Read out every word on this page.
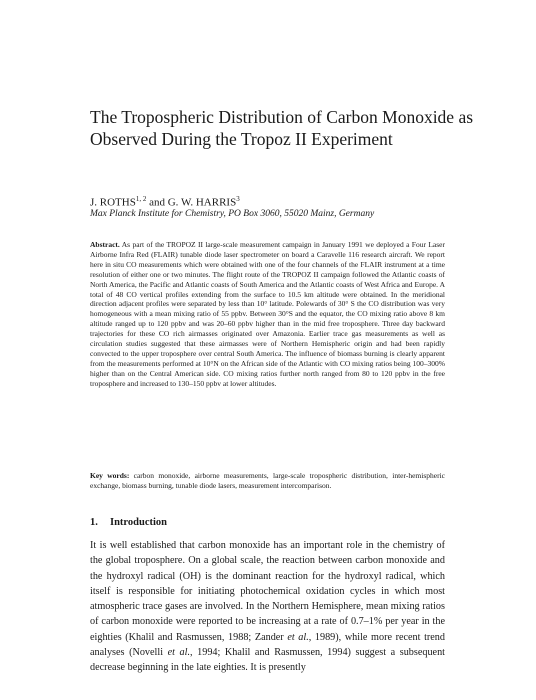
The Tropospheric Distribution of Carbon Monoxide as Observed During the Tropoz II Experiment
J. ROTHS$^{1, 2}$ and G. W. HARRIS$^3$
Max Planck Institute for Chemistry, PO Box 3060, 55020 Mainz, Germany

Abstract. As part of the TROPOZ II large-scale measurement campaign in January 1991 we deployed a Four Laser Airborne Infra Red (FLAIR) tunable diode laser spectrometer on board a Caravelle 116 research aircraft. We report here in situ CO measurements which were obtained with one of the four channels of the FLAIR instrument at a time resolution of either one or two minutes. The flight route of the TROPOZ II campaign followed the Atlantic coasts of North America, the Pacific and Atlantic coasts of South America and the Atlantic coasts of West Africa and Europe. A total of 48 CO vertical profiles extending from the surface to 10.5 km altitude were obtained. In the meridional direction adjacent profiles were separated by less than 10° latitude. Polewards of 30° S the CO distribution was very homogeneous with a mean mixing ratio of 55 ppbv. Between 30°S and the equator, the CO mixing ratio above 8 km altitude ranged up to 120 ppbv and was 20–60 ppbv higher than in the mid free troposphere. Three day backward trajectories for these CO rich airmasses originated over Amazonia. Earlier trace gas measurements as well as circulation studies suggested that these airmasses were of Northern Hemispheric origin and had been rapidly convected to the upper troposphere over central South America. The influence of biomass burning is clearly apparent from the measurements performed at 10°N on the African side of the Atlantic with CO mixing ratios being 100–300% higher than on the Central American side. CO mixing ratios further north ranged from 80 to 120 ppbv in the free troposphere and increased to 130–150 ppbv at lower altitudes.

Key words: carbon monoxide, airborne measurements, large-scale tropospheric distribution, inter-hemispheric exchange, biomass burning, tunable diode lasers, measurement intercomparison.

1. Introduction

It is well established that carbon monoxide has an important role in the chemistry of the global troposphere. On a global scale, the reaction between carbon monoxide and the hydroxyl radical (OH) is the dominant reaction for the hydroxyl radical, which itself is responsible for initiating photochemical oxidation cycles in which most atmospheric trace gases are involved. In the Northern Hemisphere, mean mixing ratios of carbon monoxide were reported to be increasing at a rate of 0.7–1% per year in the eighties (Khalil and Rasmussen, 1988; Zander et al., 1989), while more recent trend analyses (Novelli et al., 1994; Khalil and Rasmussen, 1994) suggest a subsequent decrease beginning in the late eighties. It is presently
